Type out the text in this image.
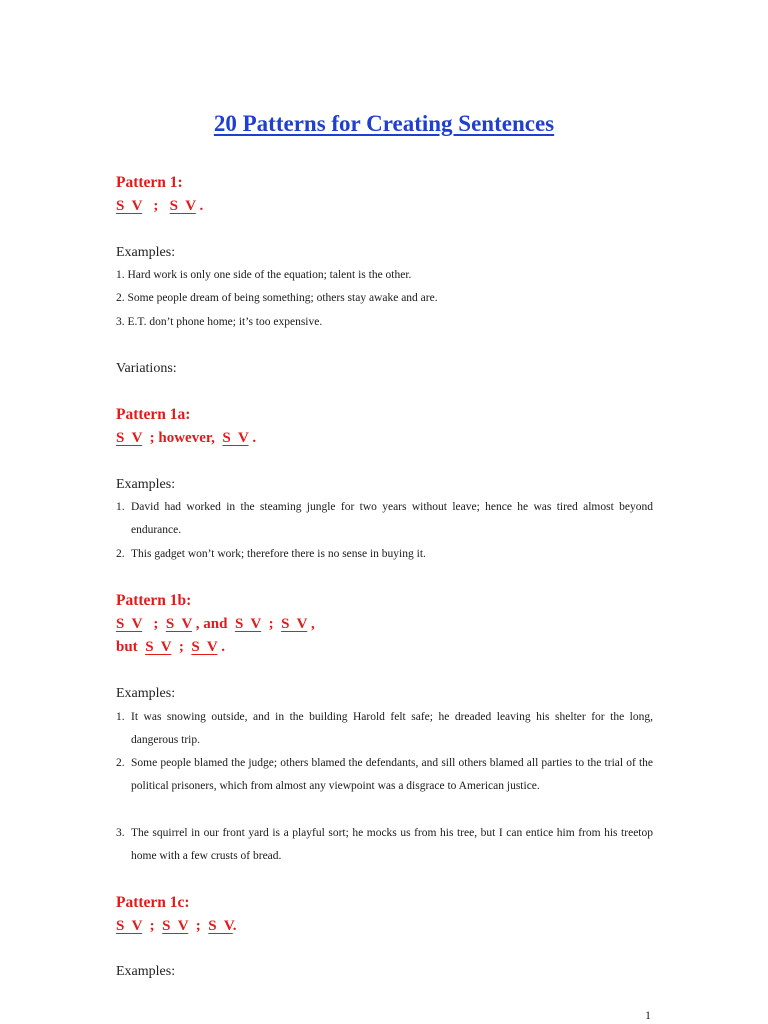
20 Patterns for Creating Sentences
Pattern 1:
S  V ; S  V .
Examples:
1. Hard work is only one side of the equation; talent is the other.
2. Some people dream of being something; others stay awake and are.
3. E.T. don’t phone home; it’s too expensive.
Variations:
Pattern 1a:
S  V ; however, S  V .
Examples:
1. David had worked in the steaming jungle for two years without leave; hence he was tired almost beyond endurance.
2. This gadget won’t work; therefore there is no sense in buying it.
Pattern 1b:
S  V ; S  V , and S  V ; S  V ,
but S  V ; S  V .
Examples:
1. It was snowing outside, and in the building Harold felt safe; he dreaded leaving his shelter for the long, dangerous trip.
2. Some people blamed the judge; others blamed the defendants, and sill others blamed all parties to the trial of the political prisoners, which from almost any viewpoint was a disgrace to American justice.
3. The squirrel in our front yard is a playful sort; he mocks us from his tree, but I can entice him from his treetop home with a few crusts of bread.
Pattern 1c:
S  V ; S  V ; S  V.
Examples:
1
